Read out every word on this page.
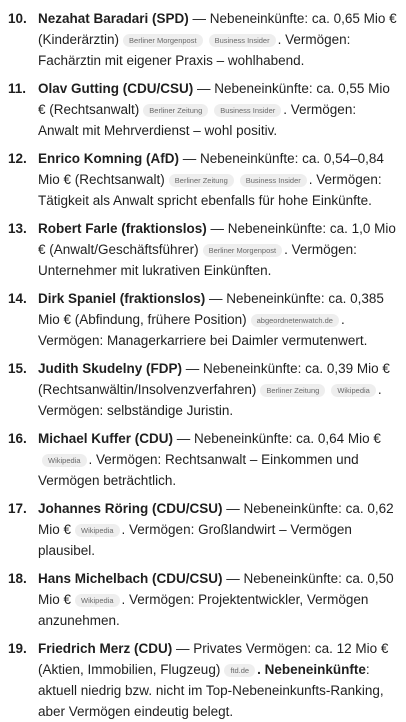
10. Nezahat Baradari (SPD) — Nebeneinkünfte: ca. 0,65 Mio € (Kinderärztin) Berliner Morgenpost Business Insider . Vermögen: Fachärztin mit eigener Praxis – wohlhabend.
11. Olav Gutting (CDU/CSU) — Nebeneinkünfte: ca. 0,55 Mio € (Rechtsanwalt) Berliner Zeitung Business Insider . Vermögen: Anwalt mit Mehrverdienst – wohl positiv.
12. Enrico Komning (AfD) — Nebeneinkünfte: ca. 0,54–0,84 Mio € (Rechtsanwalt) Berliner Zeitung Business Insider . Vermögen: Tätigkeit als Anwalt spricht ebenfalls für hohe Einkünfte.
13. Robert Farle (fraktionslos) — Nebeneinkünfte: ca. 1,0 Mio € (Anwalt/Geschäftsführer) Berliner Morgenpost . Vermögen: Unternehmer mit lukrativen Einkünften.
14. Dirk Spaniel (fraktionslos) — Nebeneinkünfte: ca. 0,385 Mio € (Abfindung, frühere Position) abgeordnetenwatch.de . Vermögen: Managerkarriere bei Daimler vermutenwert.
15. Judith Skudelny (FDP) — Nebeneinkünfte: ca. 0,39 Mio € (Rechtsanwältin/Insolvenzverfahren) Berliner Zeitung Wikipedia . Vermögen: selbständige Juristin.
16. Michael Kuffer (CDU) — Nebeneinkünfte: ca. 0,64 Mio €Wikipedia . Vermögen: Rechtsanwalt – Einkommen und Vermögen beträchtlich.
17. Johannes Röring (CDU/CSU) — Nebeneinkünfte: ca. 0,62 Mio € Wikipedia . Vermögen: Großlandwirt – Vermögen plausibel.
18. Hans Michelbach (CDU/CSU) — Nebeneinkünfte: ca. 0,50 Mio € Wikipedia . Vermögen: Projektentwickler, Vermögen anzunehmen.
19. Friedrich Merz (CDU) — Privates Vermögen: ca. 12 Mio € (Aktien, Immobilien, Flugzeug) ftd.de . Nebeneinkünfte: aktuell niedrig bzw. nicht im Top-Nebeneinkunfts-Ranking, aber Vermögen eindeutig belegt.
